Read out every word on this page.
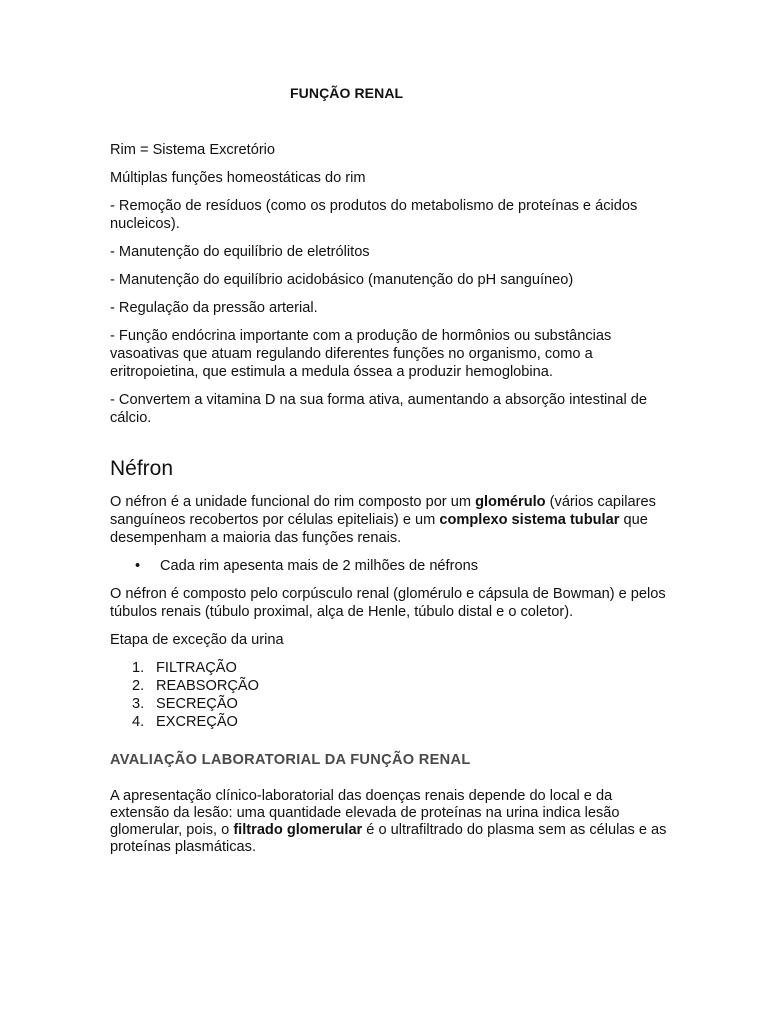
FUNÇÃO RENAL

Rim = Sistema Excretório

Múltiplas funções homeostáticas do rim

- Remoção de resíduos (como os produtos do metabolismo de proteínas e ácidos nucleicos).

- Manutenção do equilíbrio de eletrólitos

- Manutenção do equilíbrio acidobásico (manutenção do pH sanguíneo)

- Regulação da pressão arterial.

- Função endócrina importante com a produção de hormônios ou substâncias vasoativas que atuam regulando diferentes funções no organismo, como a eritropoietina, que estimula a medula óssea a produzir hemoglobina.

- Convertem a vitamina D na sua forma ativa, aumentando a absorção intestinal de cálcio.

Néfron

O néfron é a unidade funcional do rim composto por um glomérulo (vários capilares sanguíneos recobertos por células epiteliais) e um complexo sistema tubular que desempenham a maioria das funções renais.

• Cada rim apesenta mais de 2 milhões de néfrons

O néfron é composto pelo corpúsculo renal (glomérulo e cápsula de Bowman) e pelos túbulos renais (túbulo proximal, alça de Henle, túbulo distal e o coletor).

Etapa de exceção da urina

1. FILTRAÇÃO
2. REABSORÇÃO
3. SECREÇÃO
4. EXCREÇÃO
AVALIAÇÃO LABORATORIAL DA FUNÇÃO RENAL

A apresentação clínico-laboratorial das doenças renais depende do local e da extensão da lesão: uma quantidade elevada de proteínas na urina indica lesão glomerular, pois, o filtrado glomerular é o ultrafiltrado do plasma sem as células e as proteínas plasmáticas.
